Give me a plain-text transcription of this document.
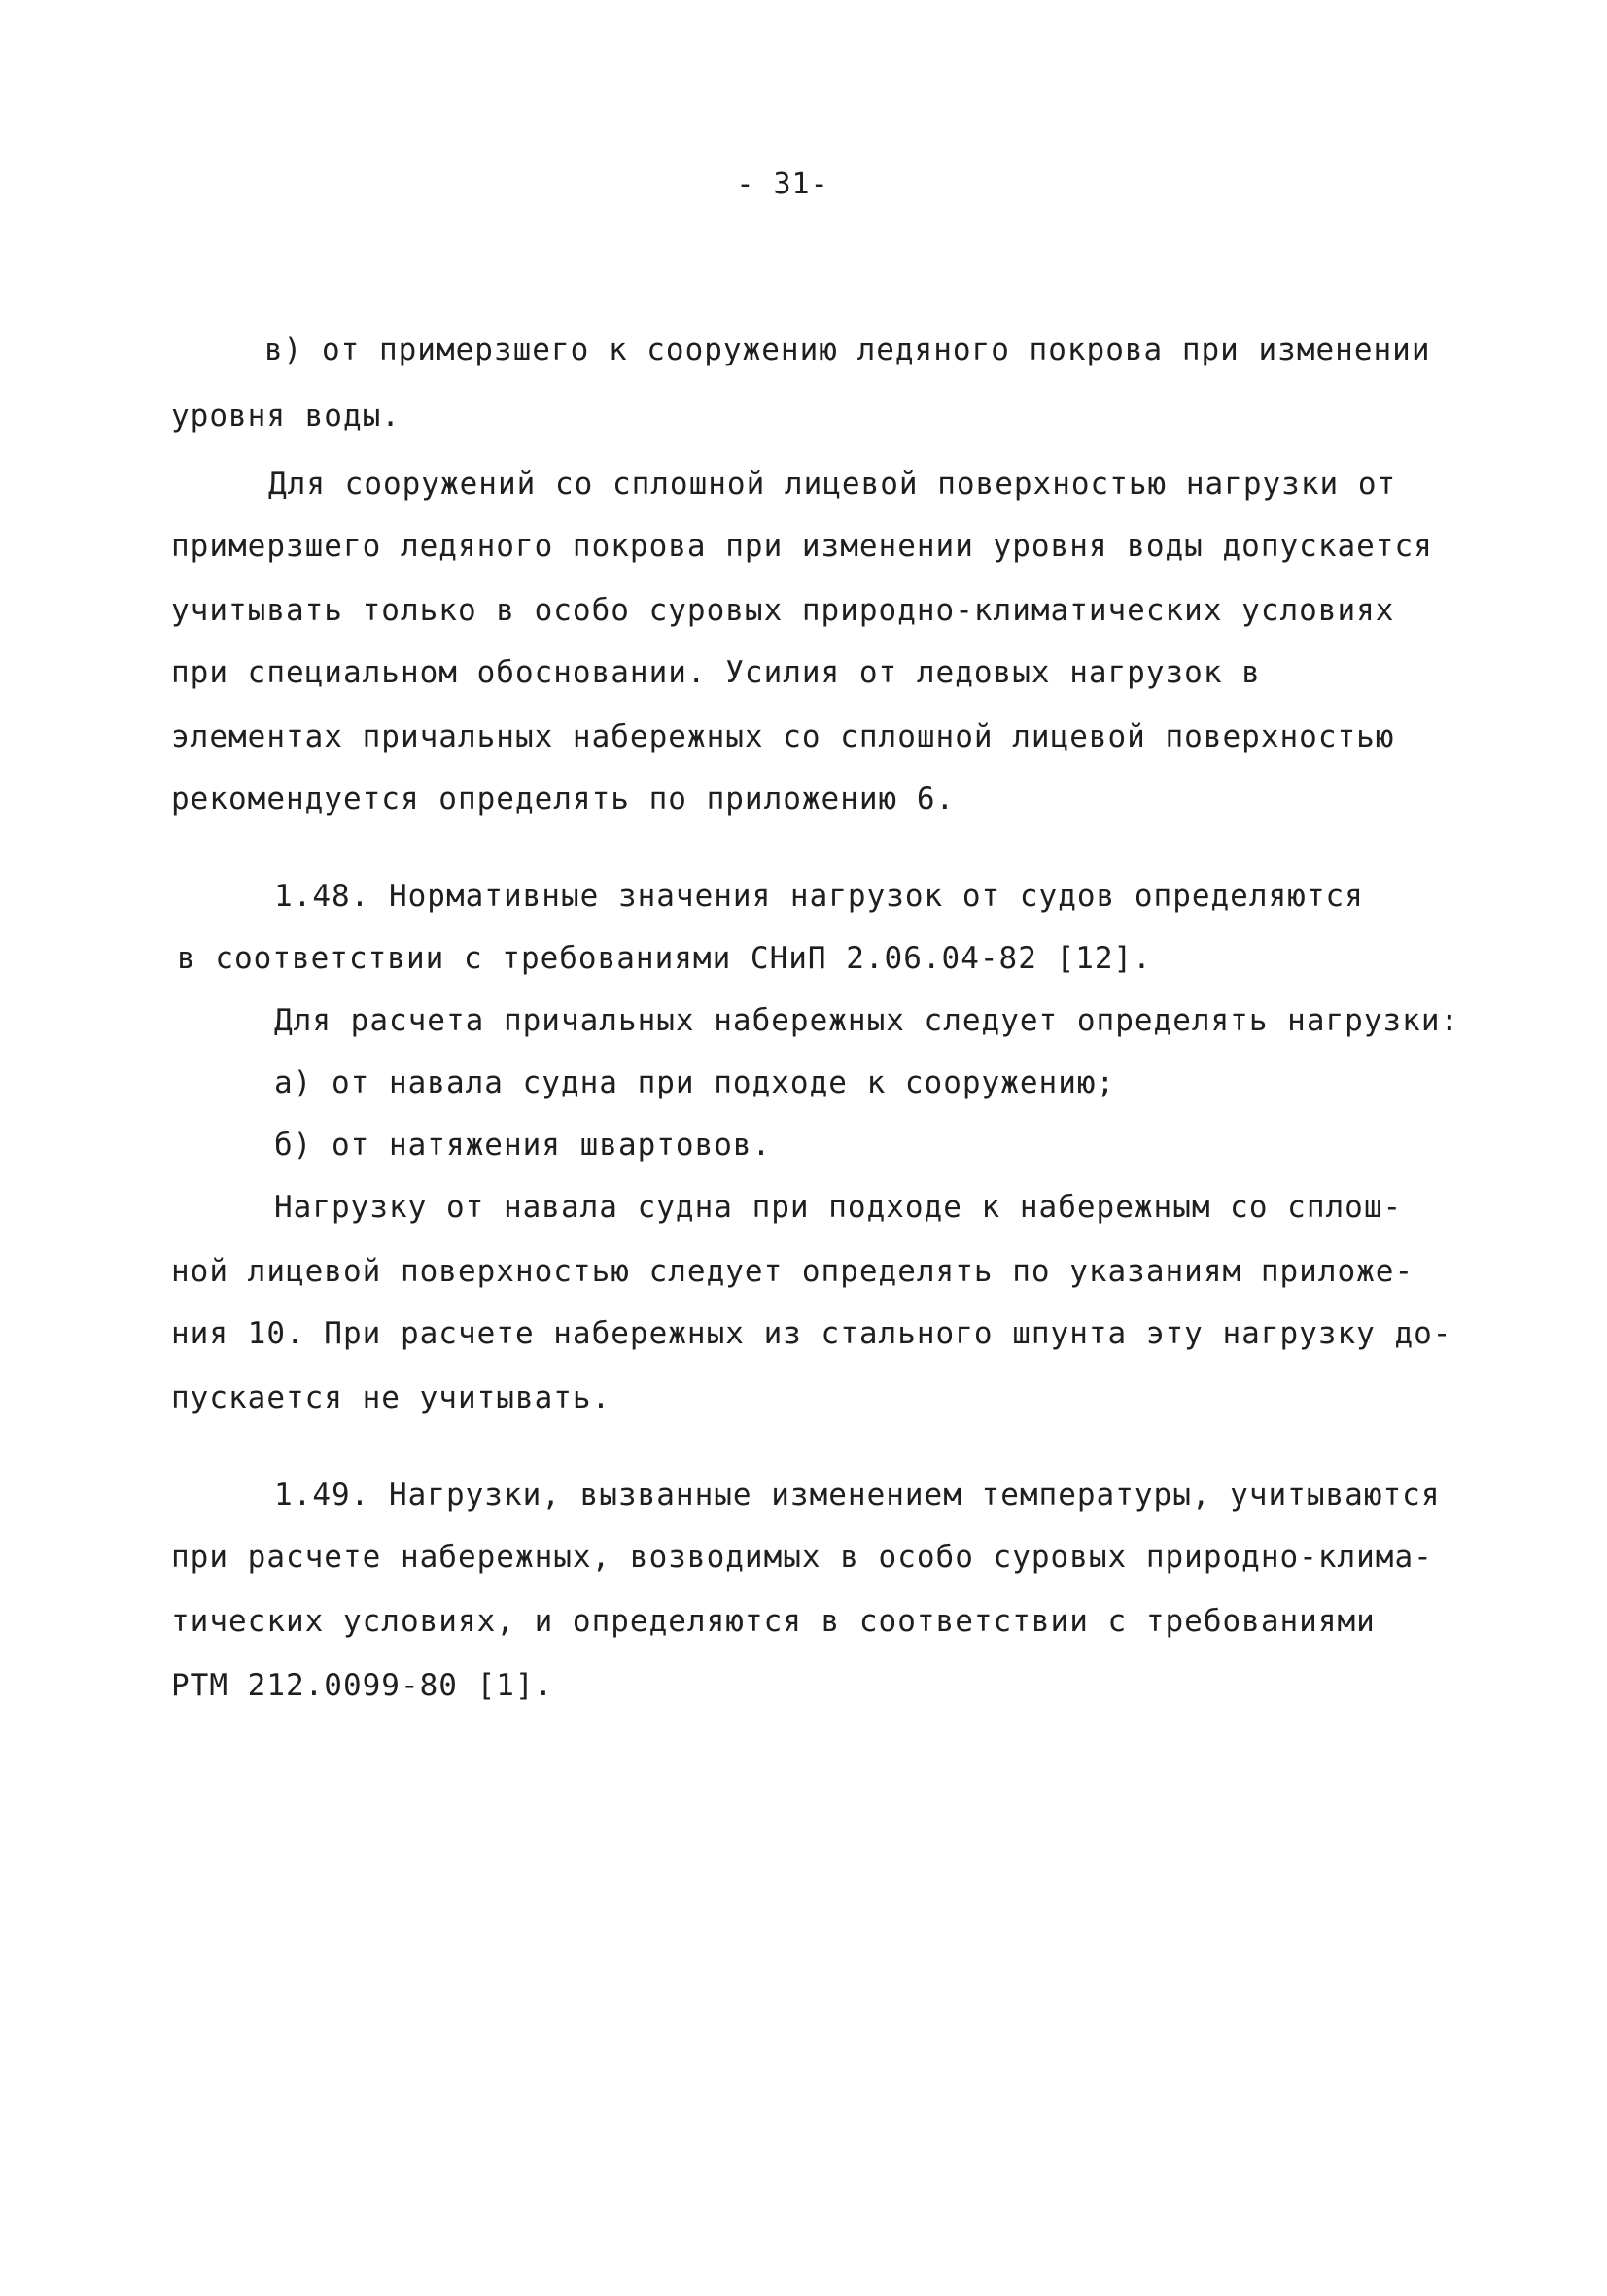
- 31-
в) от примерзшего к сооружению ледяного покрова при изменении
уровня воды.
Для сооружений со сплошной лицевой поверхностью нагрузки от
примерзшего ледяного покрова при изменении уровня воды допускается
учитывать только в особо суровых природно-климатических условиях
при специальном обосновании. Усилия от ледовых нагрузок в
элементах причальных набережных со сплошной лицевой поверхностью
рекомендуется определять по приложению 6.
1.48. Нормативные значения нагрузок от судов определяются
в соответствии с требованиями СНиП 2.06.04-82 [12].
Для расчета причальных набережных следует определять нагрузки:
а) от навала судна при подходе к сооружению;
б) от натяжения швартовов.
Нагрузку от навала судна при подходе к набережным со сплош-
ной лицевой поверхностью следует определять по указаниям приложе-
ния 10. При расчете набережных из стального шпунта эту нагрузку до-
пускается не учитывать.
1.49. Нагрузки, вызванные изменением температуры, учитываются
при расчете набережных, возводимых в особо суровых природно-клима-
тических условиях, и определяются в соответствии с требованиями
РТМ 212.0099-80 [1].
